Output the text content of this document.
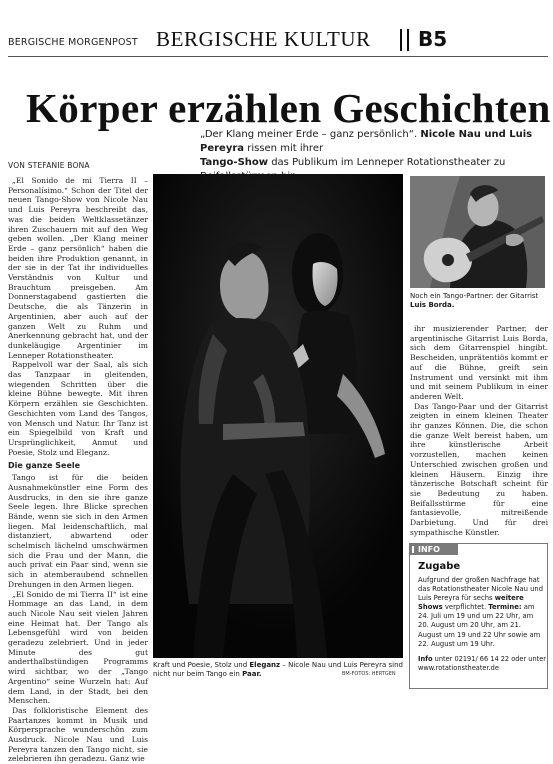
BERGISCHE MORGENPOST BERGISCHE KULTUR B5
Körper erzählen Geschichten
„Der Klang meiner Erde – ganz persönlich“. Nicole Nau und Luis Pereyra rissen mit ihrer
Tango-Show das Publikum im Lenneper Rotationstheater zu
VON STEFANIE BONA

„El Sonido de mi Tierra II – Personalísimo.“ Schon der Titel der neuen Tango-Show von Nicole Nau und Luis Pereyra beschreibt das, was die beiden Weltklassetänzer ihren Zuschauern mit auf den Weg geben wollen. „Der Klang meiner Erde – ganz persönlich“ haben die beiden ihre Produktion genannt, in der sie in der Tat ihr individuelles Verständnis von Kultur und Brauchtum preisgeben. Am Donnerstagabend gastierten die Deutsche, die als Tänzerin in Argentinien, aber auch auf der ganzen Welt zu Ruhm und Anerkennung gebracht hat, und der dunkeläugige Argentinier im Lenneper Rotationstheater.

Rappelvoll war der Saal, als sich das Tanzpaar in gleitenden, wiegenden Schritten über die kleine Bühne bewegte. Mit ihren Körpern erzählen sie Geschichten. Geschichten vom Land des Tangos, von Mensch und Natur. Ihr Tanz ist ein Spiegelbild von Kraft und Ursprünglichkeit, Anmut und Poesie, Stolz und Eleganz.

Die ganze Seele

Tango ist für die beiden Ausnahmekünstler eine Form des Ausdrucks, in den sie ihre ganze Seele legen. Ihre Blicke sprechen Bände, wenn sie sich in den Armen liegen. Mal leidenschaftlich, mal distanziert, abwartend oder schelmisch lächelnd umschwärmen sich die Frau und der Mann, die auch privat ein Paar sind, wenn sie sich in atemberaubend schnellen Drehungen in den Armen liegen.

„El Sonido de mi Tierra II“ ist eine Hommage an das Land, in dem auch Nicole Nau seit vielen Jahren eine Heimat hat. Der Tango als Lebensgefühl wird von beiden geradezu zelebriert. Und in jeder Minute des gut anderthalbstündigen Programms wird sichtbar, wo der „Tango Argentino“ seine Wurzeln hat: Auf dem Land, in der Stadt, bei den Menschen.

Das folkloristische Element des Paartanzes kommt in Musik und Körpersprache wunderschön zum Ausdruck. Nicole Nau und Luis Pereyra tanzen den Tango nicht, sie zelebrieren ihn geradezu. Ganz wie

Kraft und Poesie, Stolz und Eleganz – Nicole Nau und Luis Pereyra sind nicht nur beim Tango ein Paar.	BM-FOTOS: HERTGEN
Noch ein Tango-Partner: der Gitarrist Luis Borda.

ihr musizierender Partner, der argentinische Gitarrist Luis Borda, sich dem Gitarrenspiel hingibt. Bescheiden, unprätentiös kommt er auf die Bühne, greift sein Instrument und versinkt mit ihm und mit seinem Publikum in einer anderen Welt.

Das Tango-Paar und der Gitarrist zeigten in einem kleinen Theater ihr ganzes Können. Die, die schon die ganze Welt bereist haben, um ihre künstlerische Arbeit vorzustellen, machen keinen Unterschied zwischen großen und kleinen Häusern. Einzig ihre tänzerische Botschaft scheint für sie Bedeutung zu haben. Beifallsstürme für eine fantasievolle, mitreißende Darbietung. Und für drei sympathische Künstler.

INFO
Zugabe
Aufgrund der großen Nachfrage hat das Rotationstheater Nicole Nau und Luis Pereyra für sechs weitere Shows verpflichtet. Termine: am 24. Juli um 19 und um 22 Uhr, am 20. August um 20 Uhr, am 21. August um 19 und 22 Uhr sowie am 22. August um 19 Uhr.
Info unter 02191/ 66 14 22 oder unter www.rotationstheater.de
